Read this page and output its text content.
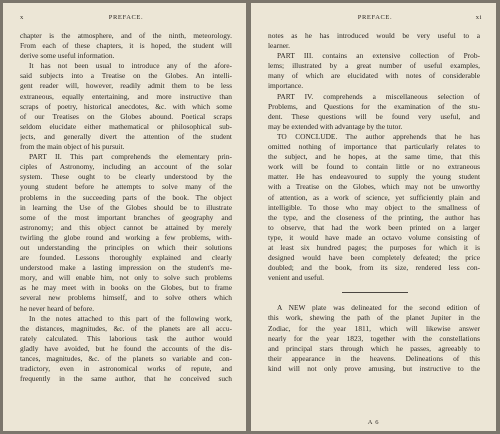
x	PREFACE.
chapter is the atmosphere, and of the ninth, meteorology.
From each of these chapters, it is hoped, the student will
derive some useful information.
It has not been usual to introduce any of the afore-
said subjects into a Treatise on the Globes. An intelli-
gent reader will, however, readily admit them to be less
extraneous, equally entertaining, and more instructive than
scraps of poetry, historical anecdotes, &c. with which some
of our Treatises on the Globes abound. Poetical scraps
seldom elucidate either mathematical or philosophical sub-
jects, and generally divert the attention of the student
from the main object of his pursuit.
PART II. This part comprehends the elementary prin-
ciples of Astronomy, including an account of the solar
system. These ought to be clearly understood by the
young student before he attempts to solve many of the
problems in the succeeding parts of the book. The object
in learning the Use of the Globes should be to illustrate
some of the most important branches of geography and
astronomy; and this object cannot be attained by merely
twirling the globe round and working a few problems, with-
out understanding the principles on which their solutions
are founded. Lessons thoroughly explained and clearly
understood make a lasting impression on the student's me-
mory, and will enable him, not only to solve such problems
as he may meet with in books on the Globes, but to frame
several new problems himself, and to solve others which
he never heard of before.
In the notes attached to this part of the following work,
the distances, magnitudes, &c. of the planets are all accu-
rately calculated. This laborious task the author would
gladly have avoided, but he found the accounts of the dis-
tances, magnitudes, &c. of the planets so variable and con-
tradictory, even in astronomical works of repute, and
frequently in the same author, that he conceived such
PREFACE.	xi
notes as he has introduced would be very useful to a
learner.
PART III. contains an extensive collection of Prob-
lems; illustrated by a great number of useful examples,
many of which are elucidated with notes of considerable
importance.
PART IV. comprehends a miscellaneous selection of
Problems, and Questions for the examination of the stu-
dent. These questions will be found very useful, and
may be extended with advantage by the tutor.
TO CONCLUDE. The author apprehends that he has
omitted nothing of importance that particularly relates to
the subject, and he hopes, at the same time, that this
work will be found to contain little or no extraneous
matter. He has endeavoured to supply the young student
with a Treatise on the Globes, which may not be unworthy
of attention, as a work of science, yet sufficiently plain and
intelligible. To those who may object to the smallness of
the type, and the closeness of the printing, the author has
to observe, that had the work been printed on a larger
type, it would have made an octavo volume consisting of
at least six hundred pages; the purposes for which it is
designed would have been completely defeated; the price
doubled; and the book, from its size, rendered less con-
venient and useful.
A NEW plate was delineated for the second edition of
this work, shewing the path of the planet Jupiter in the
Zodiac, for the year 1811, which will likewise answer
nearly for the year 1823, together with the constellations
and principal stars through which he passes, agreeably to
their appearance in the heavens. Delineations of this
kind will not only prove amusing, but instructive to the
A 6
